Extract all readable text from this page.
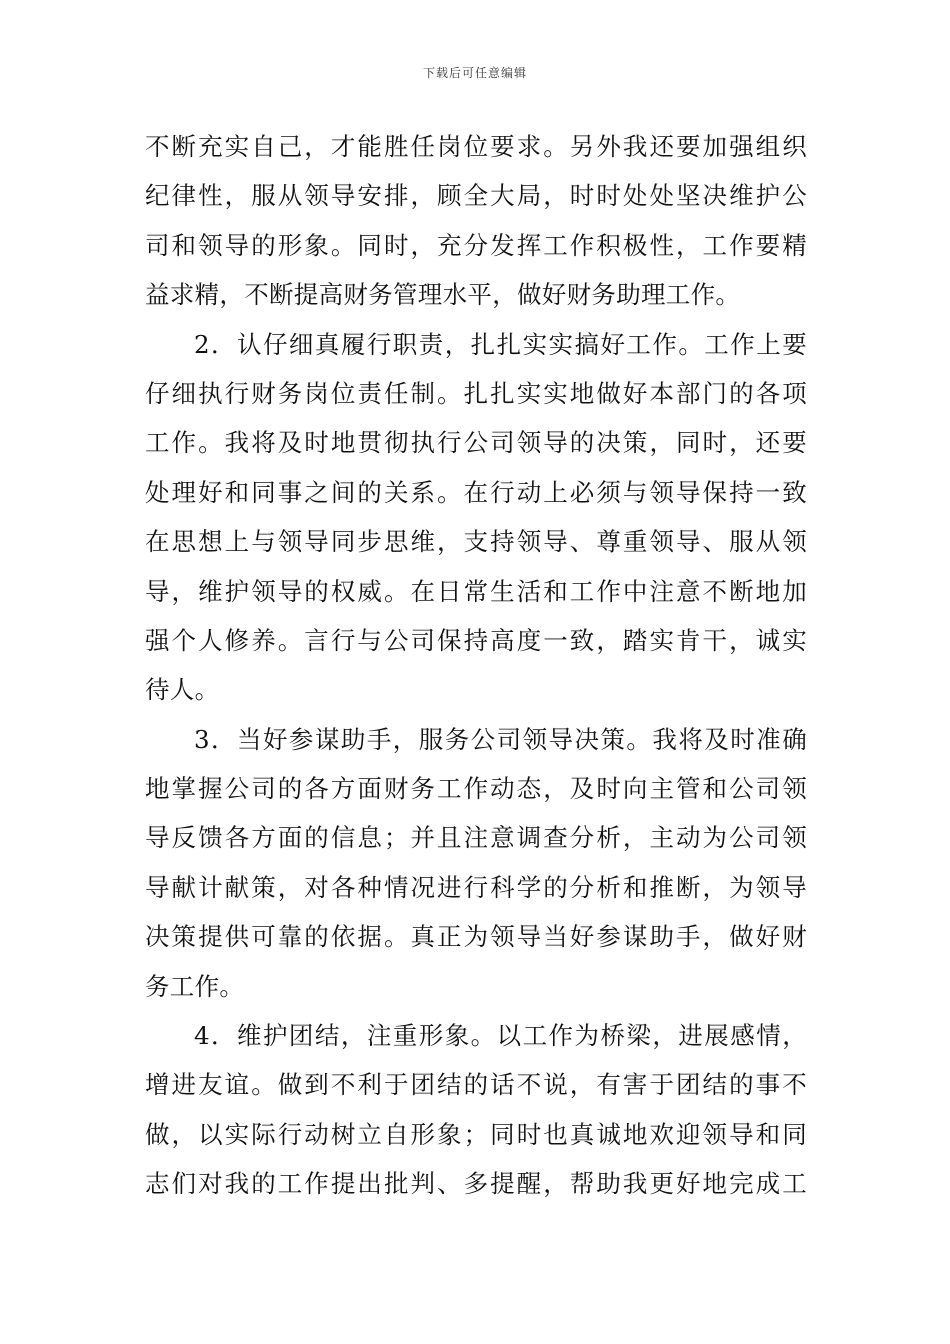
下载后可任意编辑
不断充实自己，才能胜任岗位要求。另外我还要加强组织
纪律性，服从领导安排，顾全大局，时时处处坚决维护公
司和领导的形象。同时，充分发挥工作积极性，工作要精
益求精，不断提高财务管理水平，做好财务助理工作。
2．认仔细真履行职责，扎扎实实搞好工作。工作上要
仔细执行财务岗位责任制。扎扎实实地做好本部门的各项
工作。我将及时地贯彻执行公司领导的决策，同时，还要
处理好和同事之间的关系。在行动上必须与领导保持一致
在思想上与领导同步思维，支持领导、尊重领导、服从领
导，维护领导的权威。在日常生活和工作中注意不断地加
强个人修养。言行与公司保持高度一致，踏实肯干，诚实
待人。
3．当好参谋助手，服务公司领导决策。我将及时准确
地掌握公司的各方面财务工作动态，及时向主管和公司领
导反馈各方面的信息；并且注意调查分析，主动为公司领
导献计献策，对各种情况进行科学的分析和推断，为领导
决策提供可靠的依据。真正为领导当好参谋助手，做好财
务工作。
4．维护团结，注重形象。以工作为桥梁，进展感情，
增进友谊。做到不利于团结的话不说，有害于团结的事不
做，以实际行动树立自形象；同时也真诚地欢迎领导和同
志们对我的工作提出批判、多提醒，帮助我更好地完成工
